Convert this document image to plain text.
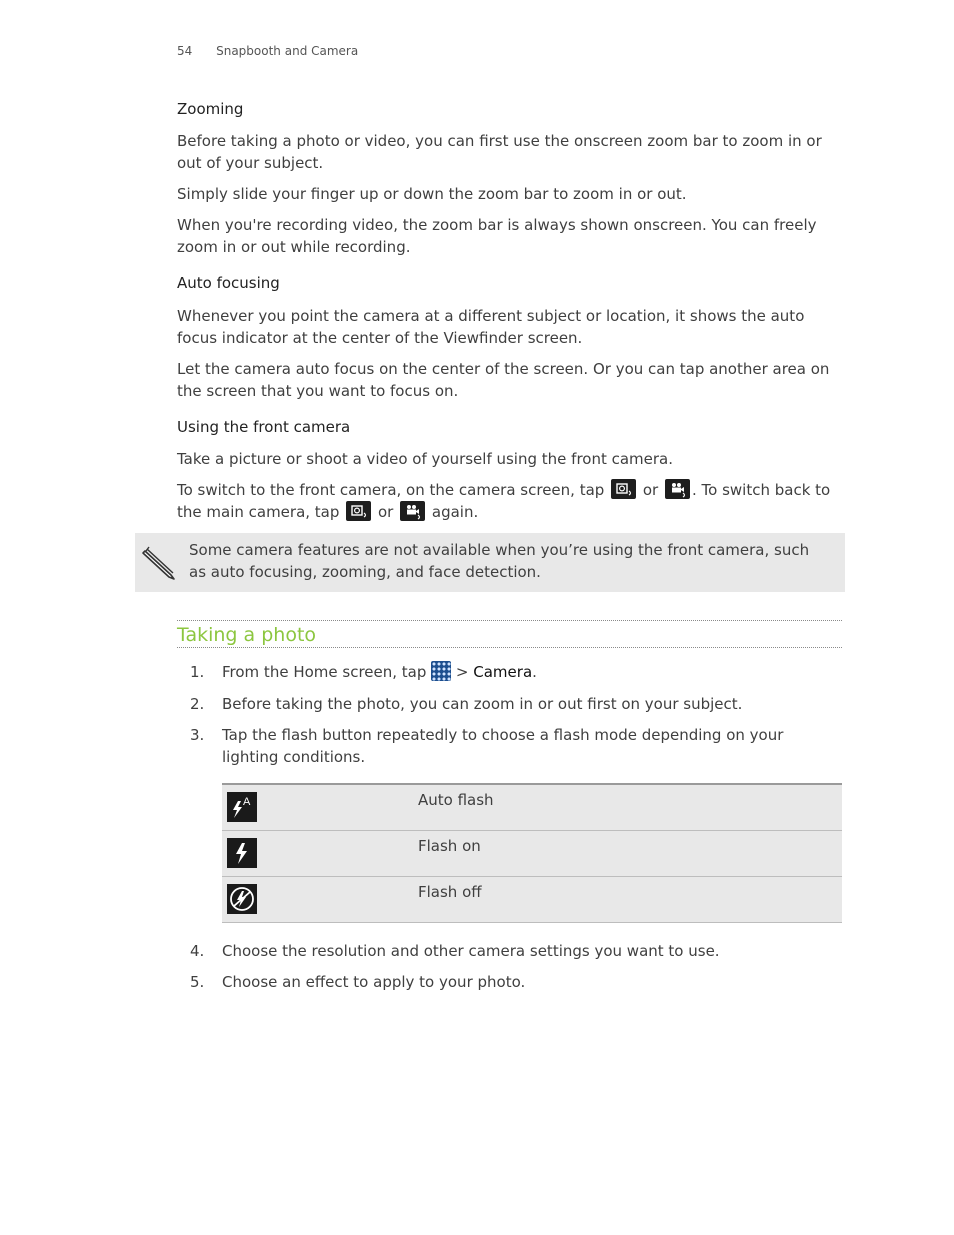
54 Snapbooth and Camera
Zooming
Before taking a photo or video, you can first use the onscreen zoom bar to zoom in or out of your subject.
Simply slide your finger up or down the zoom bar to zoom in or out.
When you're recording video, the zoom bar is always shown onscreen. You can freely zoom in or out while recording.
Auto focusing
Whenever you point the camera at a different subject or location, it shows the auto focus indicator at the center of the Viewfinder screen.
Let the camera auto focus on the center of the screen. Or you can tap another area on the screen that you want to focus on.
Using the front camera
Take a picture or shoot a video of yourself using the front camera.
To switch to the front camera, on the camera screen, tap	or . To switch back to the main camera, tap	or	again.
Some camera features are not available when you’re using the front camera, such as auto focusing, zooming, and face detection.
Taking a photo
1. From the Home screen, tap  > Camera.
2. Before taking the photo, you can zoom in or out first on your subject.
3. Tap the flash button repeatedly to choose a flash mode depending on your lighting conditions.
A	Auto flash
Flash on
Flash off
4. Choose the resolution and other camera settings you want to use.
5. Choose an effect to apply to your photo.
